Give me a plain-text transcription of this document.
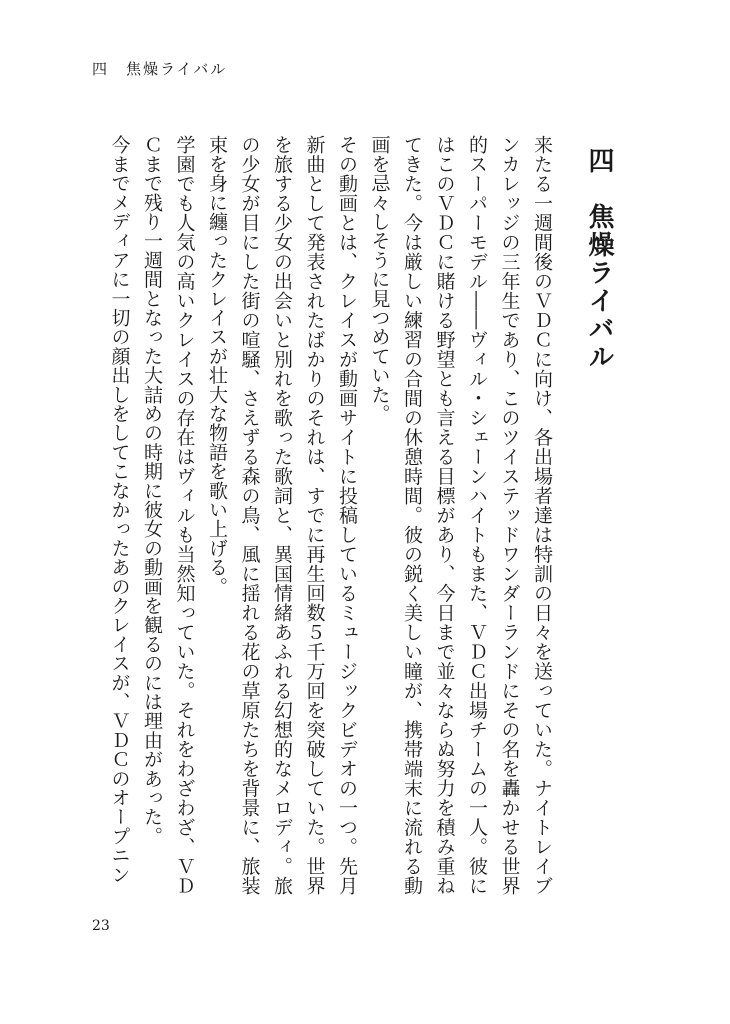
四　焦燥ライバル
四　焦燥ライバル

来たる一週間後のＶＤＣに向け、各出場者達は特訓の日々を送っていた。ナイトレイブンカレッジの三年生であり、このツイステッドワンダーランドにその名を轟かせる世界的スーパーモデル――ヴィル・シェーンハイトもまた、ＶＤＣ出場チームの一人。彼にはこのＶＤＣに賭ける野望とも言える目標があり、今日まで並々ならぬ努力を積み重ねてきた。今は厳しい練習の合間の休憩時間。彼の鋭く美しい瞳が、携帯端末に流れる動画を忌々しそうに見つめていた。

その動画とは、クレイスが動画サイトに投稿しているミュージックビデオの一つ。先月新曲として発表されたばかりのそれは、すでに再生回数５千万回を突破していた。世界を旅する少女の出会いと別れを歌った歌詞と、異国情緒あふれる幻想的なメロディ。旅の少女が目にした街の喧騒、さえずる森の鳥、風に揺れる花の草原たちを背景に、旅装束を身に纏ったクレイスが壮大な物語を歌い上げる。

学園でも人気の高いクレイスの存在はヴィルも当然知っていた。それをわざわざ、ＶＤＣまで残り一週間となった大詰めの時期に彼女の動画を観るのには理由があった。

今までメディアに一切の顔出しをしてこなかったあのクレイスが、ＶＤＣのオープニン

23
